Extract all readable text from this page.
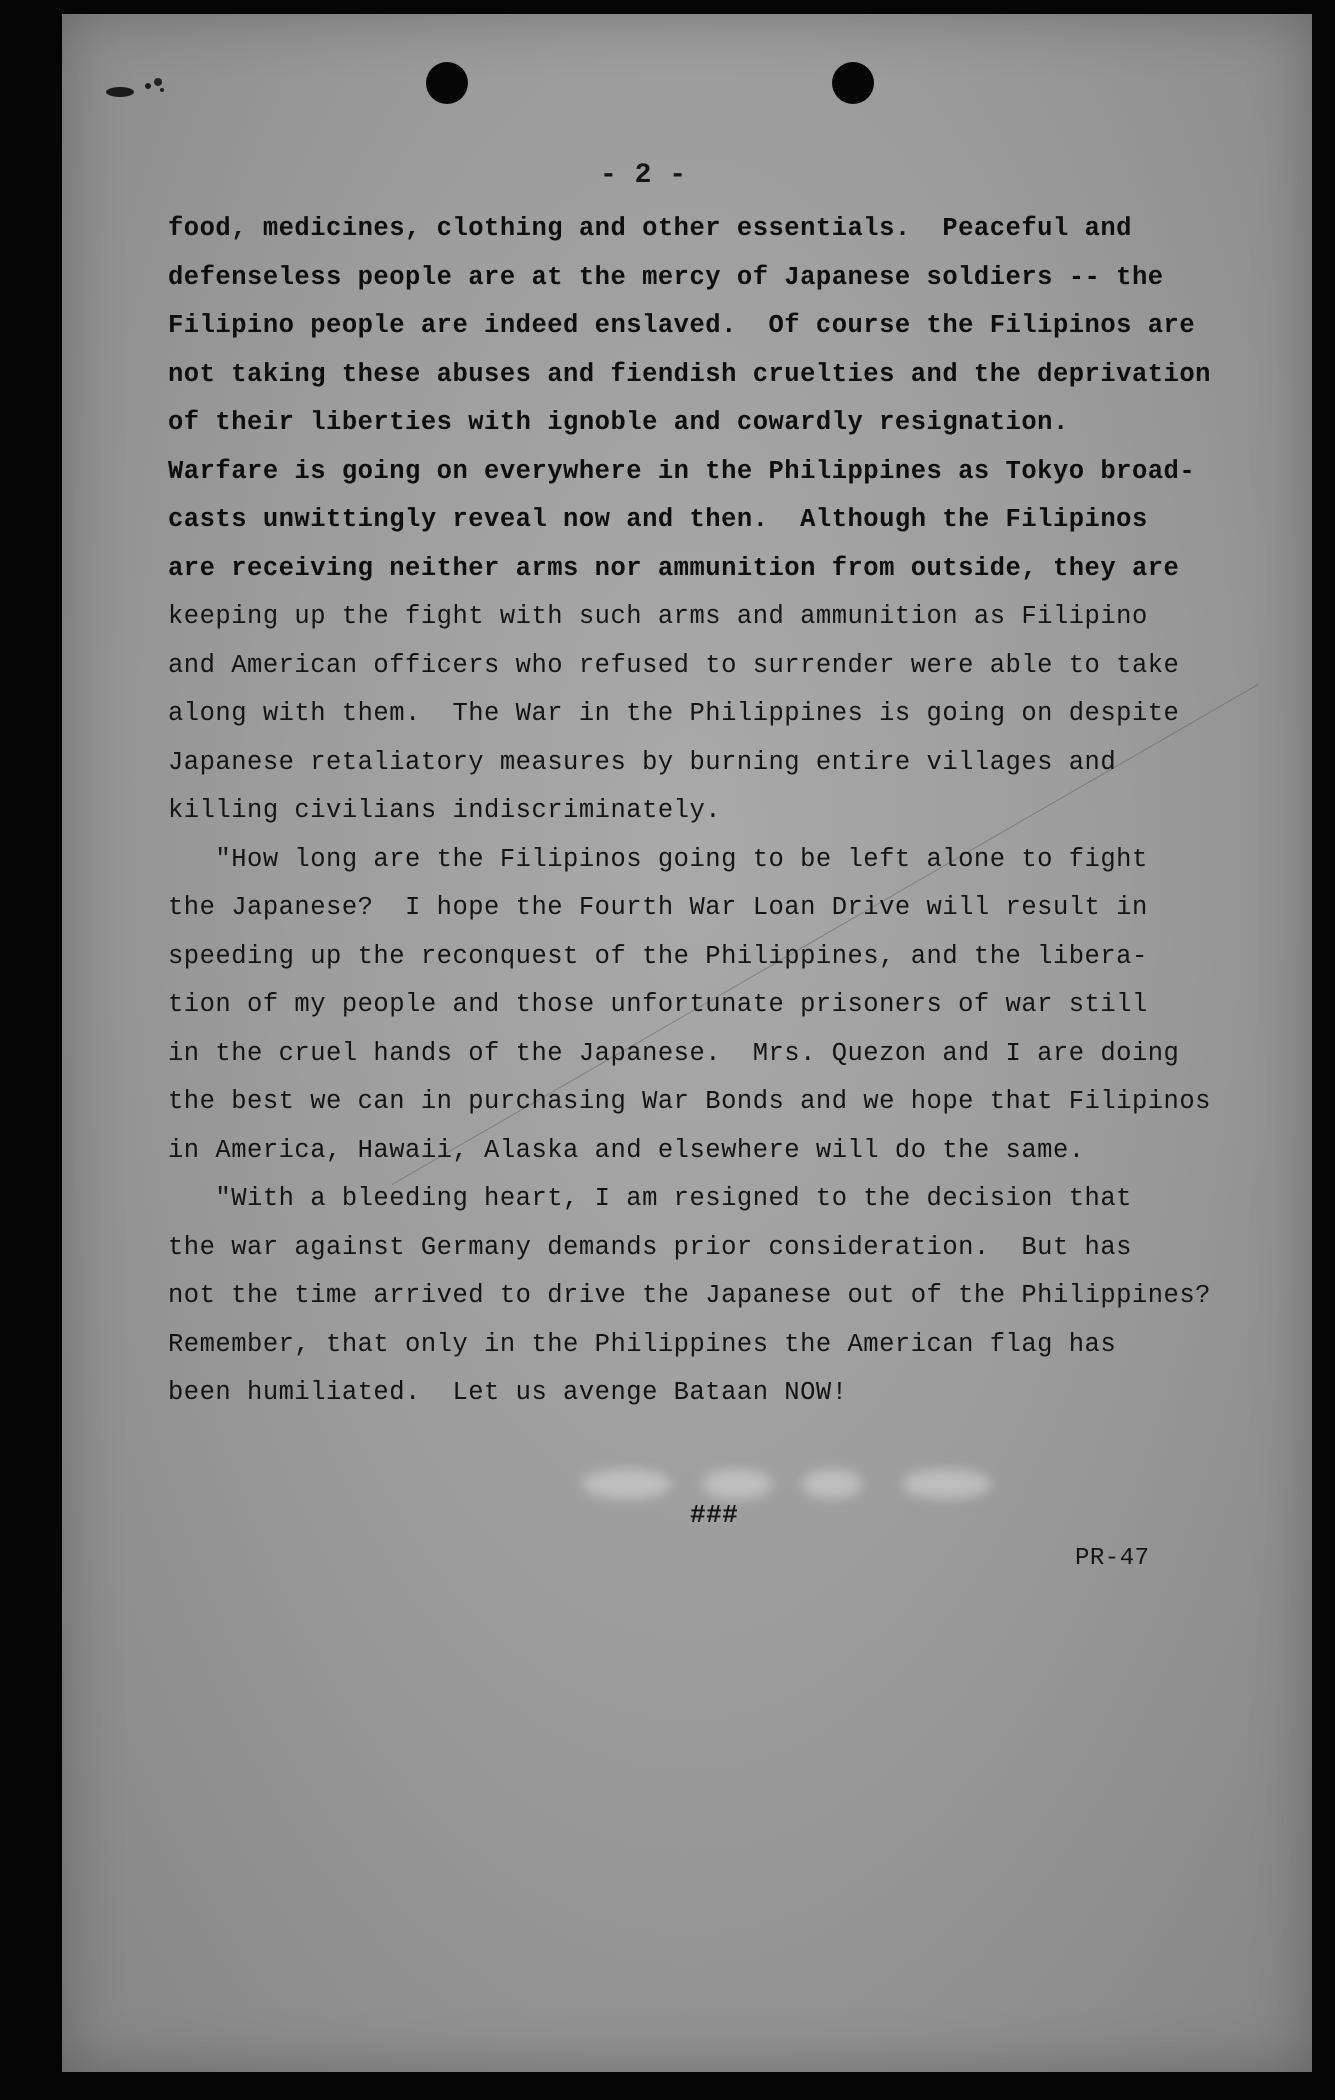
- 2 -
food, medicines, clothing and other essentials.  Peaceful and
defenseless people are at the mercy of Japanese soldiers -- the
Filipino people are indeed enslaved.  Of course the Filipinos are
not taking these abuses and fiendish cruelties and the deprivation
of their liberties with ignoble and cowardly resignation.
Warfare is going on everywhere in the Philippines as Tokyo broad-
casts unwittingly reveal now and then.  Although the Filipinos
are receiving neither arms nor ammunition from outside, they are
keeping up the fight with such arms and ammunition as Filipino
and American officers who refused to surrender were able to take
along with them.  The War in the Philippines is going on despite
Japanese retaliatory measures by burning entire villages and
killing civilians indiscriminately.
"How long are the Filipinos going to be left alone to fight
the Japanese?  I hope the Fourth War Loan Drive will result in
speeding up the reconquest of the Philippines, and the libera-
tion of my people and those unfortunate prisoners of war still
in the cruel hands of the Japanese.  Mrs. Quezon and I are doing
the best we can in purchasing War Bonds and we hope that Filipinos
in America, Hawaii, Alaska and elsewhere will do the same.
"With a bleeding heart, I am resigned to the decision that
the war against Germany demands prior consideration.  But has
not the time arrived to drive the Japanese out of the Philippines?
Remember, that only in the Philippines the American flag has
been humiliated.  Let us avenge Bataan NOW!
###
PR-47
